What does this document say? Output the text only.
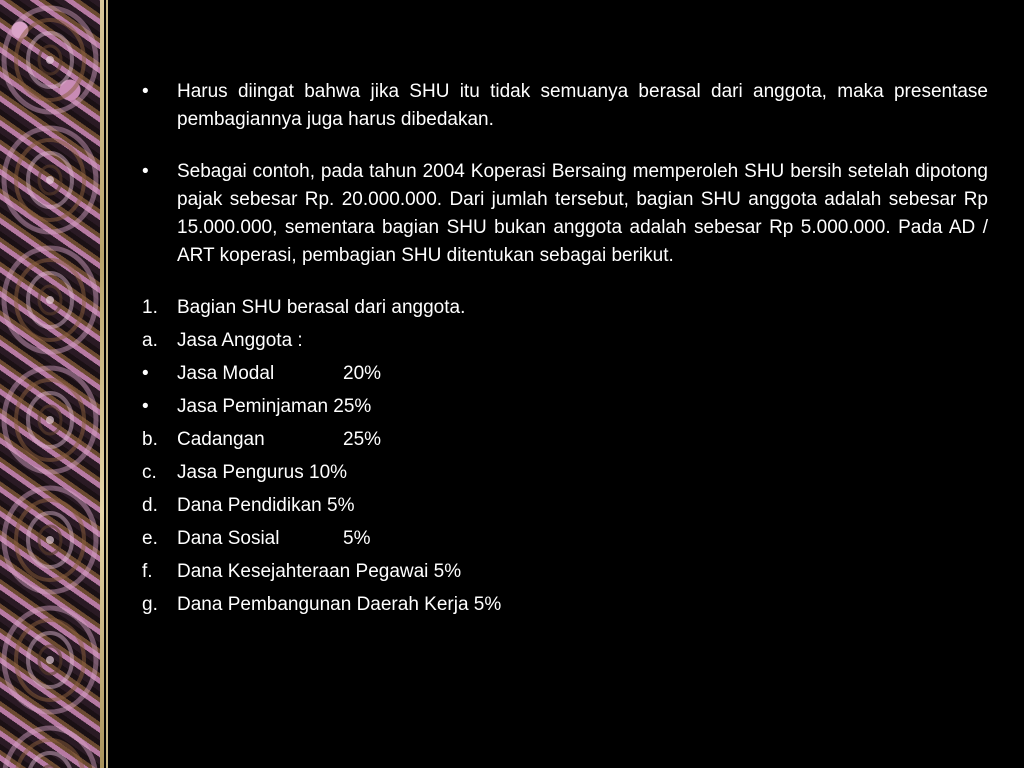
•	Harus diingat bahwa jika SHU itu tidak semuanya berasal dari anggota, maka presentase pembagiannya juga harus dibedakan.
•	Sebagai contoh, pada tahun 2004 Koperasi Bersaing memperoleh SHU bersih setelah dipotong pajak sebesar Rp. 20.000.000. Dari jumlah tersebut, bagian SHU anggota adalah sebesar Rp 15.000.000, sementara bagian SHU bukan anggota adalah sebesar Rp 5.000.000. Pada AD / ART koperasi, pembagian SHU ditentukan sebagai berikut.
1.	Bagian SHU berasal dari anggota.
a.	Jasa Anggota :
•	Jasa Modal	20%
•	Jasa Peminjaman 25%
b.	Cadangan	25%
c.	Jasa Pengurus 10%
d.	Dana Pendidikan 5%
e.	Dana Sosial	5%
f.	Dana Kesejahteraan Pegawai 5%
g.	Dana Pembangunan Daerah Kerja 5%
